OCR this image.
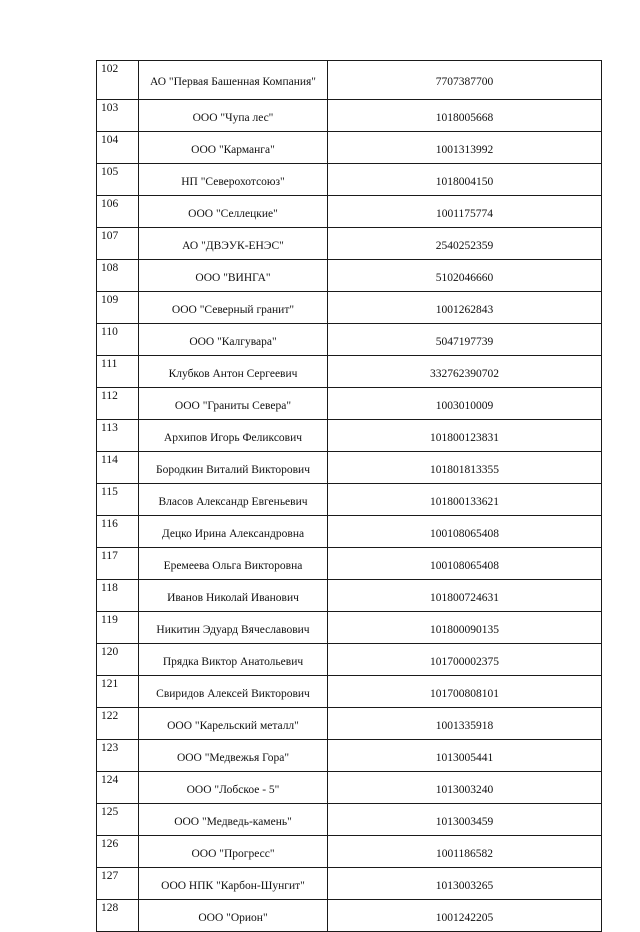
102	АО "Первая Башенная Компания"	7707387700
103	ООО "Чупа лес"	1018005668
104	ООО "Карманга"	1001313992
105	НП "Северохотсоюз"	1018004150
106	ООО "Селлецкие"	1001175774
107	АО "ДВЭУК-ЕНЭС"	2540252359
108	ООО "ВИНГА"	5102046660
109	ООО "Северный гранит"	1001262843
110	ООО "Калгувара"	5047197739
111	Клубков Антон Сергеевич	332762390702
112	ООО "Граниты Севера"	1003010009
113	Архипов Игорь Феликсович	101800123831
114	Бородкин Виталий Викторович	101801813355
115	Власов Александр Евгеньевич	101800133621
116	Децко Ирина Александровна	100108065408
117	Еремеева Ольга Викторовна	100108065408
118	Иванов Николай Иванович	101800724631
119	Никитин Эдуард Вячеславович	101800090135
120	Прядка Виктор Анатольевич	101700002375
121	Свиридов Алексей Викторович	101700808101
122	ООО "Карельский металл"	1001335918
123	ООО "Медвежья Гора"	1013005441
124	ООО "Лобское - 5"	1013003240
125	ООО "Медведь-камень"	1013003459
126	ООО "Прогресс"	1001186582
127	ООО НПК "Карбон-Шунгит"	1013003265
128	ООО "Орион"	1001242205
